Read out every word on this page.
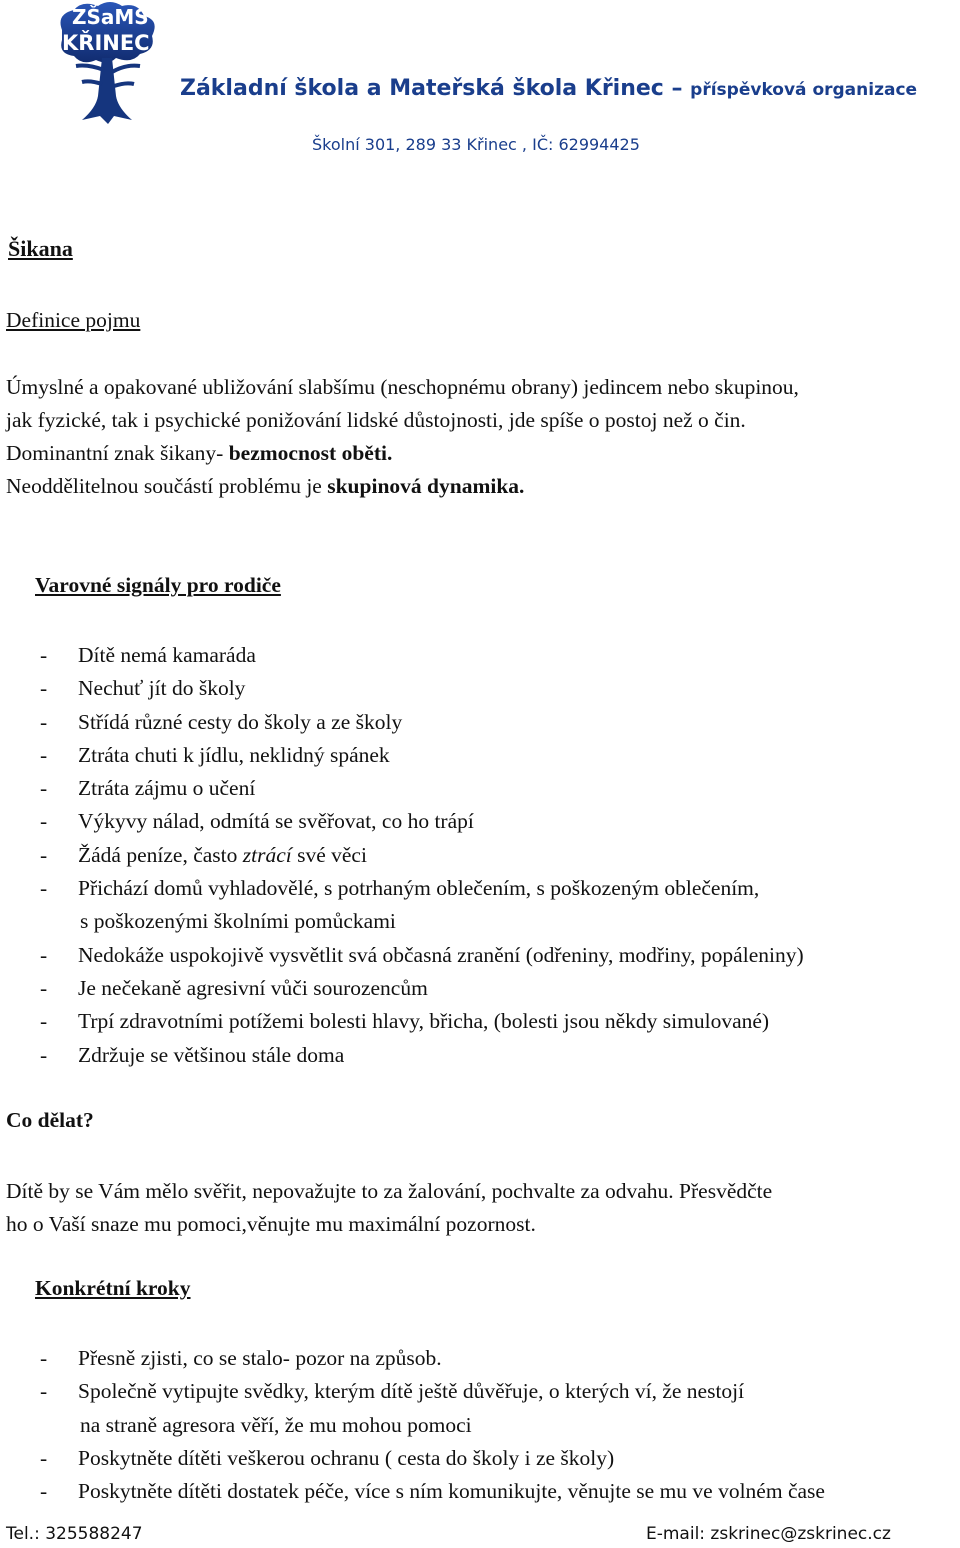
ZŠaMŠ
KŘINEC
Základní škola a Mateřská škola Křinec – příspěvková organizace
Školní 301, 289 33 Křinec , IČ: 62994425
Šikana
Definice pojmu
Úmyslné a opakované ubližování slabšímu (neschopnému obrany) jedincem nebo skupinou,
jak fyzické, tak i psychické ponižování lidské důstojnosti, jde spíše o postoj než o čin.
Dominantní znak šikany- bezmocnost oběti.
Neoddělitelnou součástí problému je skupinová dynamika.
Varovné signály pro rodiče
- Dítě nemá kamaráda
- Nechuť jít do školy
- Střídá různé cesty do školy a ze školy
- Ztráta chuti k jídlu, neklidný spánek
- Ztráta zájmu o učení
- Výkyvy nálad, odmítá se svěřovat, co ho trápí
- Žádá peníze, často ztrácí své věci
- Přichází domů vyhladovělé, s potrhaným oblečením, s poškozeným oblečením,
s poškozenými školními pomůckami
- Nedokáže uspokojivě vysvětlit svá občasná zranění (odřeniny, modřiny, popáleniny)
- Je nečekaně agresivní vůči sourozencům
- Trpí zdravotními potížemi bolesti hlavy, břicha, (bolesti jsou někdy simulované)
- Zdržuje se většinou stále doma
Co dělat?
Dítě by se Vám mělo svěřit, nepovažujte to za žalování, pochvalte za odvahu. Přesvědčte
ho o Vaší snaze mu pomoci,věnujte mu maximální pozornost.
Konkrétní kroky
- Přesně zjisti, co se stalo- pozor na způsob.
- Společně vytipujte svědky, kterým dítě ještě důvěřuje, o kterých ví, že nestojí
na straně agresora věří, že mu mohou pomoci
- Poskytněte dítěti veškerou ochranu ( cesta do školy i ze školy)
- Poskytněte dítěti dostatek péče, více s ním komunikujte, věnujte se mu ve volném čase
Tel.: 325588247	E-mail: zskrinec@zskrinec.cz
